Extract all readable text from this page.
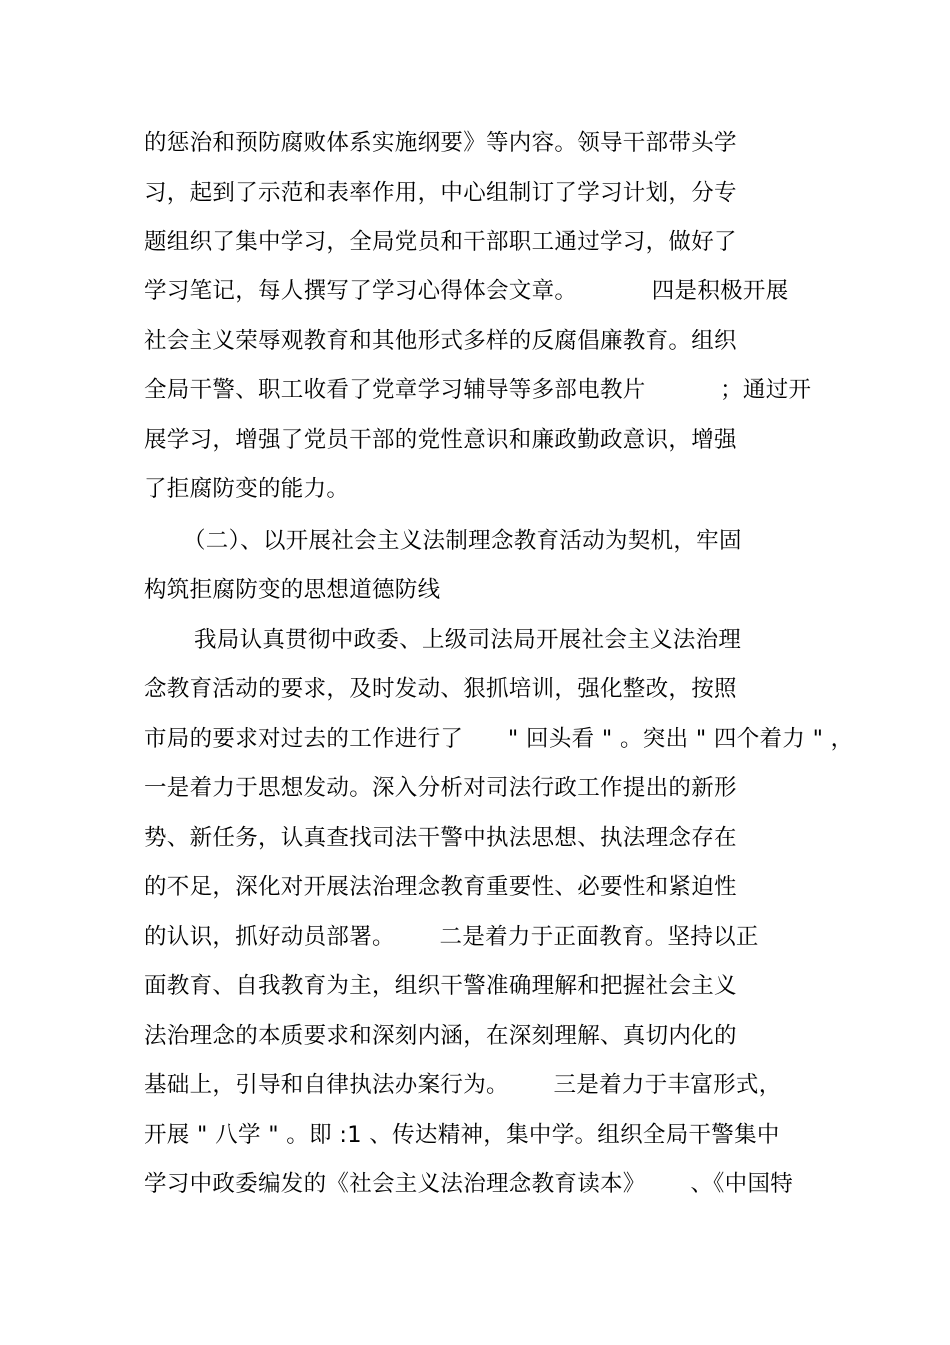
的惩治和预防腐败体系实施纲要》等内容。领导干部带头学
习，起到了示范和表率作用，中心组制订了学习计划，分专
题组织了集中学习，全局党员和干部职工通过学习，做好了
学习笔记，每人撰写了学习心得体会文章。          四是积极开展
社会主义荣辱观教育和其他形式多样的反腐倡廉教育。组织
全局干警、职工收看了党章学习辅导等多部电教片          ；通过开
展学习，增强了党员干部的党性意识和廉政勤政意识，增强
了拒腐防变的能力。
（二）、以开展社会主义法制理念教育活动为契机，牢固
构筑拒腐防变的思想道德防线
我局认真贯彻中政委、上级司法局开展社会主义法治理
念教育活动的要求，及时发动、狠抓培训，强化整改，按照
市局的要求对过去的工作进行了      " 回头看 " 。突出 " 四个着力 " ，
一是着力于思想发动。深入分析对司法行政工作提出的新形
势、新任务，认真查找司法干警中执法思想、执法理念存在
的不足，深化对开展法治理念教育重要性、必要性和紧迫性
的认识，抓好动员部署。      二是着力于正面教育。坚持以正
面教育、自我教育为主，组织干警准确理解和把握社会主义
法治理念的本质要求和深刻内涵，在深刻理解、真切内化的
基础上，引导和自律执法办案行为。      三是着力于丰富形式，
开展 " 八学 " 。即 :1 、传达精神，集中学。组织全局干警集中
学习中政委编发的《社会主义法治理念教育读本》      、《中国特
